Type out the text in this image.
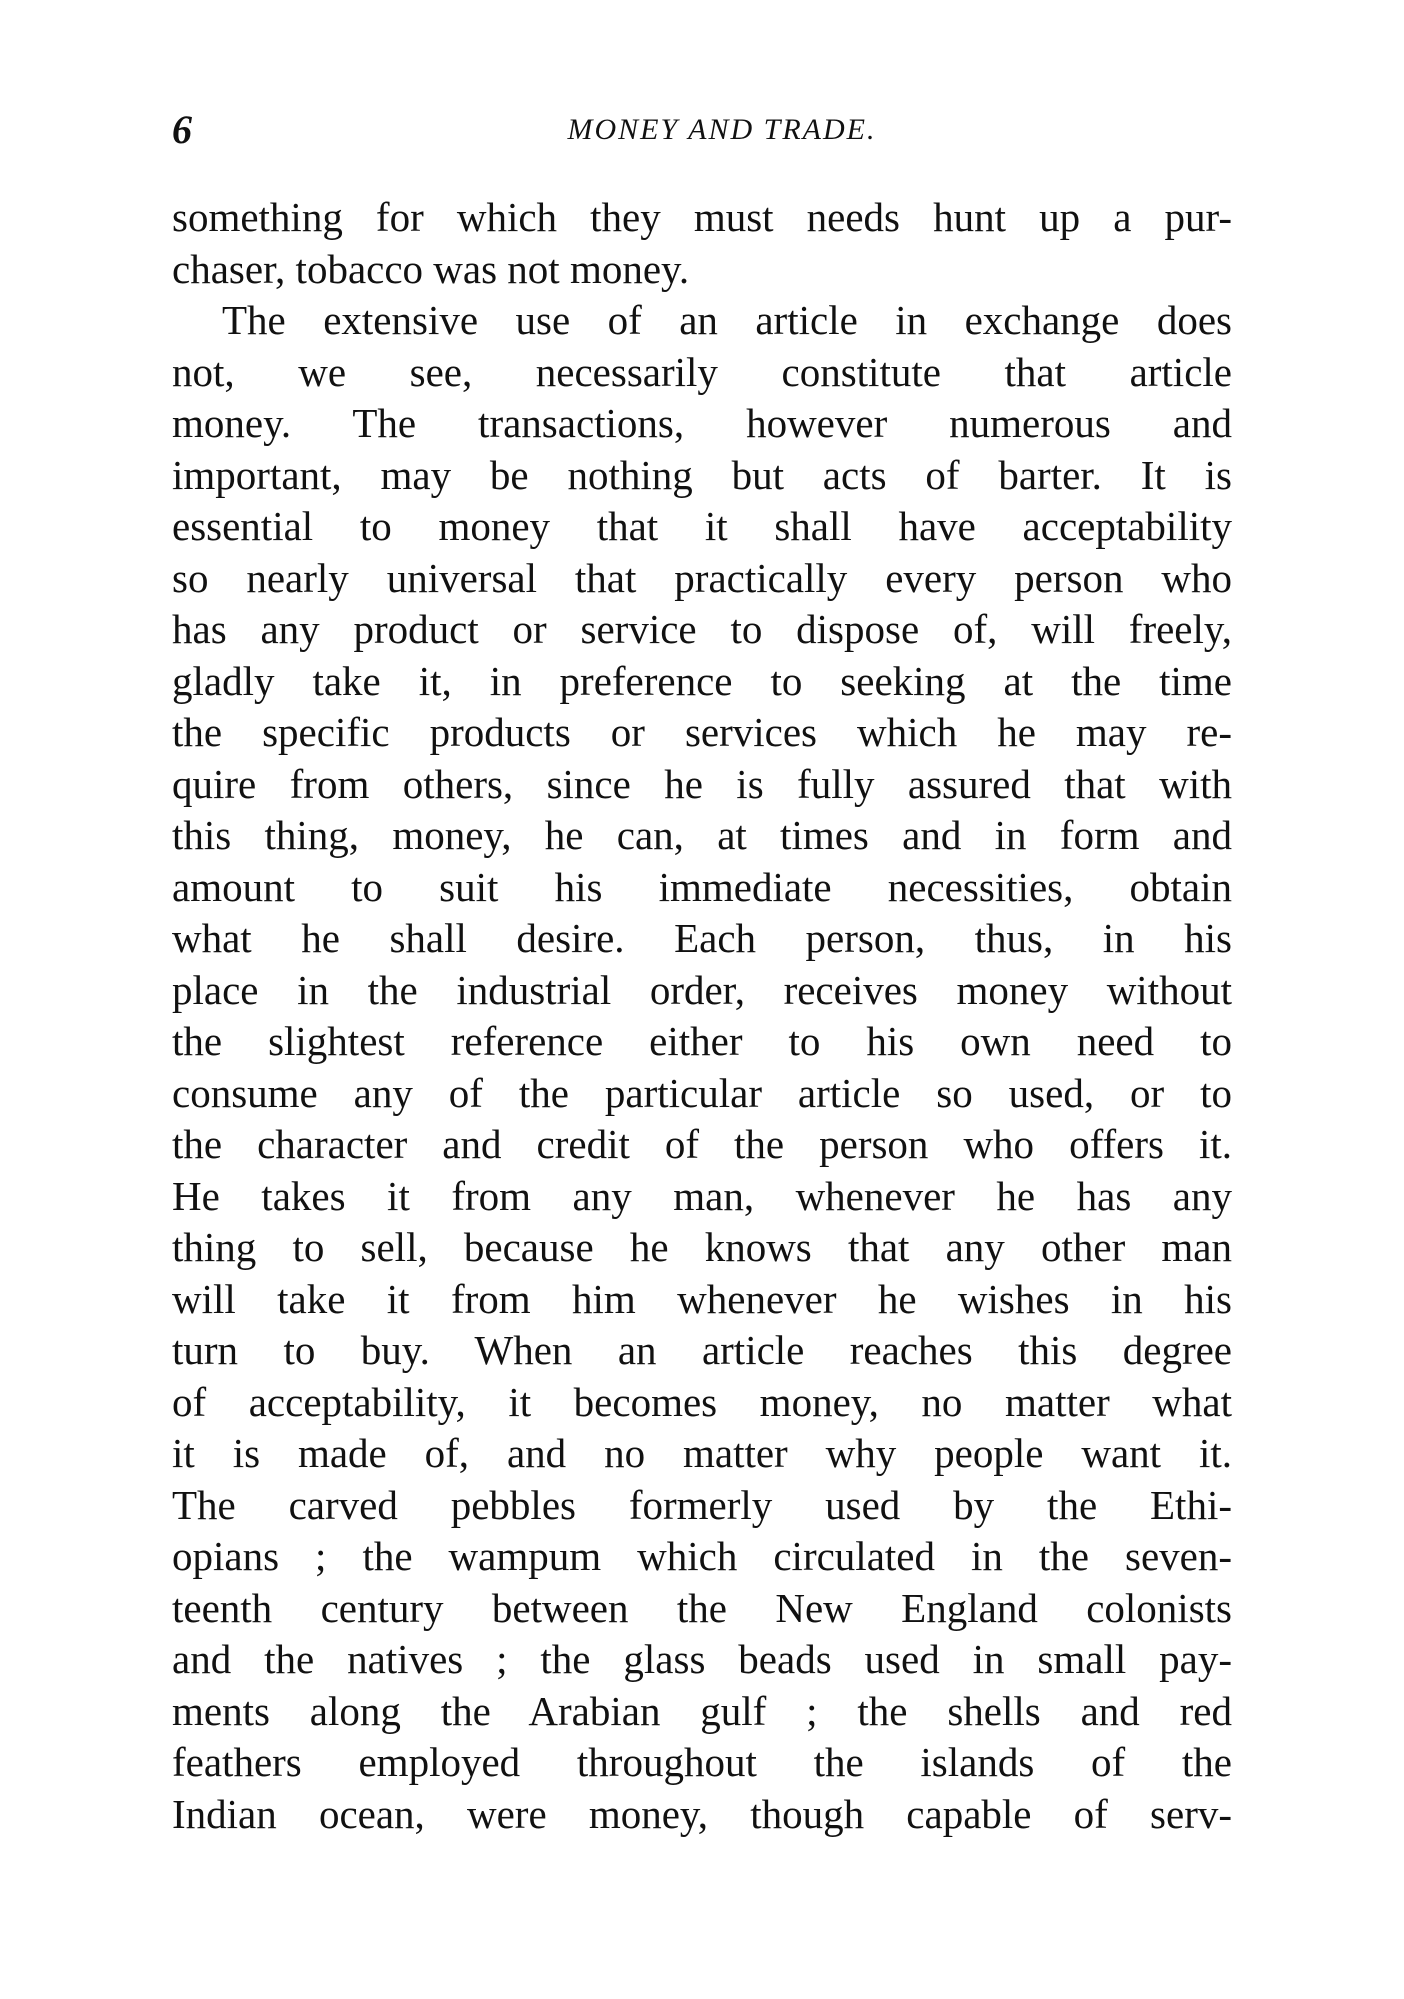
6	MONEY AND TRADE.

something for which they must needs hunt up a pur-
chaser, tobacco was not money.

The extensive use of an article in exchange does
not, we see, necessarily constitute that article
money. The transactions, however numerous and
important, may be nothing but acts of barter. It is
essential to money that it shall have acceptability
so nearly universal that practically every person who
has any product or service to dispose of, will freely,
gladly take it, in preference to seeking at the time
the specific products or services which he may re-
quire from others, since he is fully assured that with
this thing, money, he can, at times and in form and
amount to suit his immediate necessities, obtain
what he shall desire. Each person, thus, in his
place in the industrial order, receives money without
the slightest reference either to his own need to
consume any of the particular article so used, or to
the character and credit of the person who offers it.
He takes it from any man, whenever he has any
thing to sell, because he knows that any other man
will take it from him whenever he wishes in his
turn to buy. When an article reaches this degree
of acceptability, it becomes money, no matter what
it is made of, and no matter why people want it.
The carved pebbles formerly used by the Ethi-
opians ; the wampum which circulated in the seven-
teenth century between the New England colonists
and the natives ; the glass beads used in small pay-
ments along the Arabian gulf ; the shells and red
feathers employed throughout the islands of the
Indian ocean, were money, though capable of serv-
